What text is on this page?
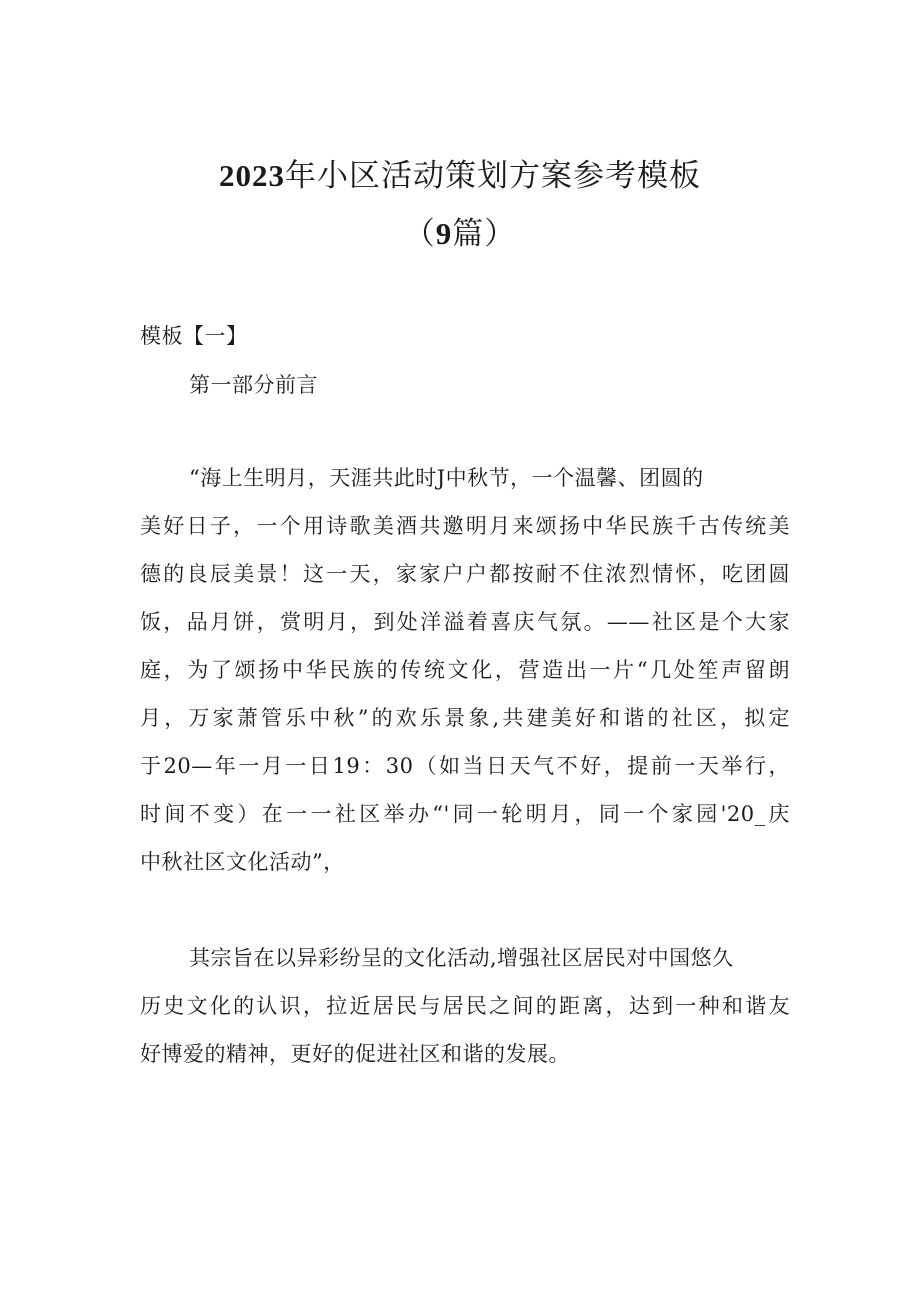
2023年小区活动策划方案参考模板
（9篇）
模板【一】
第一部分前言
“海上生明月，天涯共此时J中秋节，一个温馨、团圆的
美好日子，一个用诗歌美酒共邀明月来颂扬中华民族千古传统美
德的良辰美景！这一天，家家户户都按耐不住浓烈情怀，吃团圆
饭，品月饼，赏明月，到处洋溢着喜庆气氛。——社区是个大家
庭，为了颂扬中华民族的传统文化，营造出一片“几处笙声留朗
月，万家萧管乐中秋”的欢乐景象,共建美好和谐的社区，拟定
于20—年一月一日19：30（如当日天气不好，提前一天举行，
时间不变）在一一社区举办“'同一轮明月，同一个家园'20_庆
中秋社区文化活动”，
其宗旨在以异彩纷呈的文化活动,增强社区居民对中国悠久
历史文化的认识，拉近居民与居民之间的距离，达到一种和谐友
好博爱的精神，更好的促进社区和谐的发展。
